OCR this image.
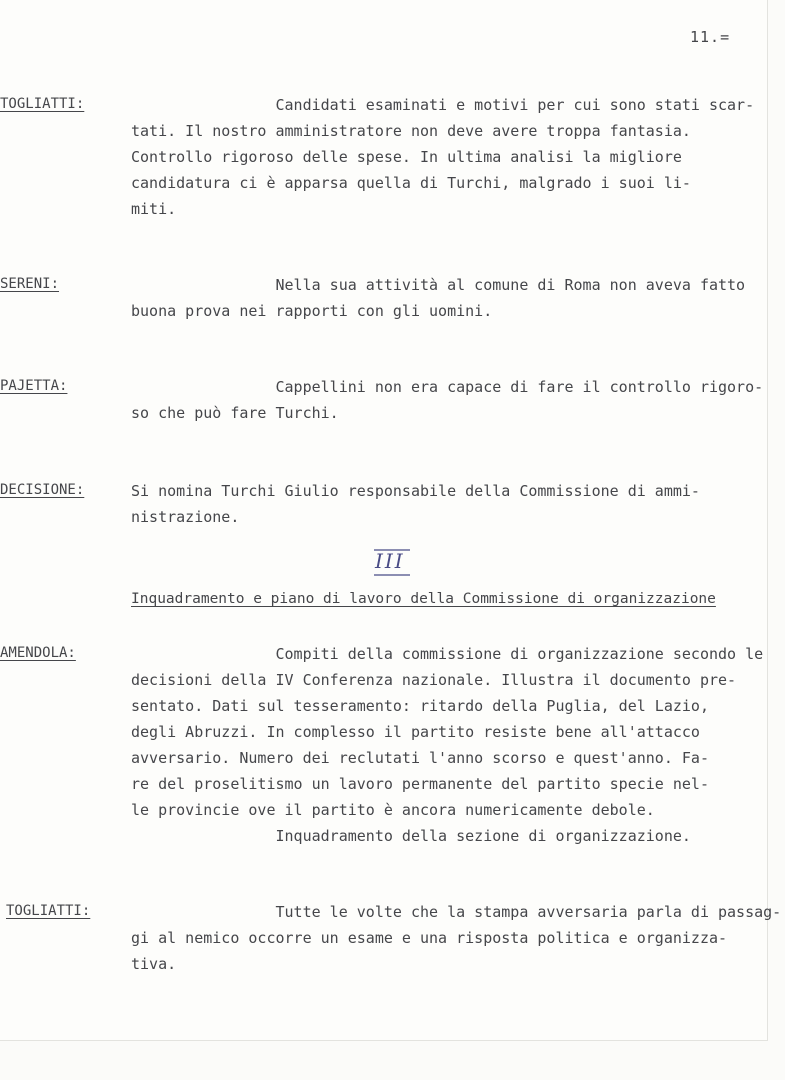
11.=
TOGLIATTI:	Candidati esaminati e motivi per cui sono stati scar-
tati. Il nostro amministratore non deve avere troppa fantasia.
Controllo rigoroso delle spese. In ultima analisi la migliore
candidatura ci è apparsa quella di Turchi, malgrado i suoi li-
miti.
SERENI:	Nella sua attività al comune di Roma non aveva fatto
buona prova nei rapporti con gli uomini.
PAJETTA:	Cappellini non era capace di fare il controllo rigoro-
so che può fare Turchi.
DECISIONE:	Si nomina Turchi Giulio responsabile della Commissione di ammi-
nistrazione.
III
Inquadramento e piano di lavoro della Commissione di organizzazione
AMENDOLA:	Compiti della commissione di organizzazione secondo le
decisioni della IV Conferenza nazionale. Illustra il documento pre-
sentato. Dati sul tesseramento: ritardo della Puglia, del Lazio,
degli Abruzzi. In complesso il partito resiste bene all'attacco
avversario. Numero dei reclutati l'anno scorso e quest'anno. Fa-
re del proselitismo un lavoro permanente del partito specie nel-
le provincie ove il partito è ancora numericamente debole.
Inquadramento della sezione di organizzazione.
TOGLIATTI:	Tutte le volte che la stampa avversaria parla di passag-
gi al nemico occorre un esame e una risposta politica e organizza-
tiva.
